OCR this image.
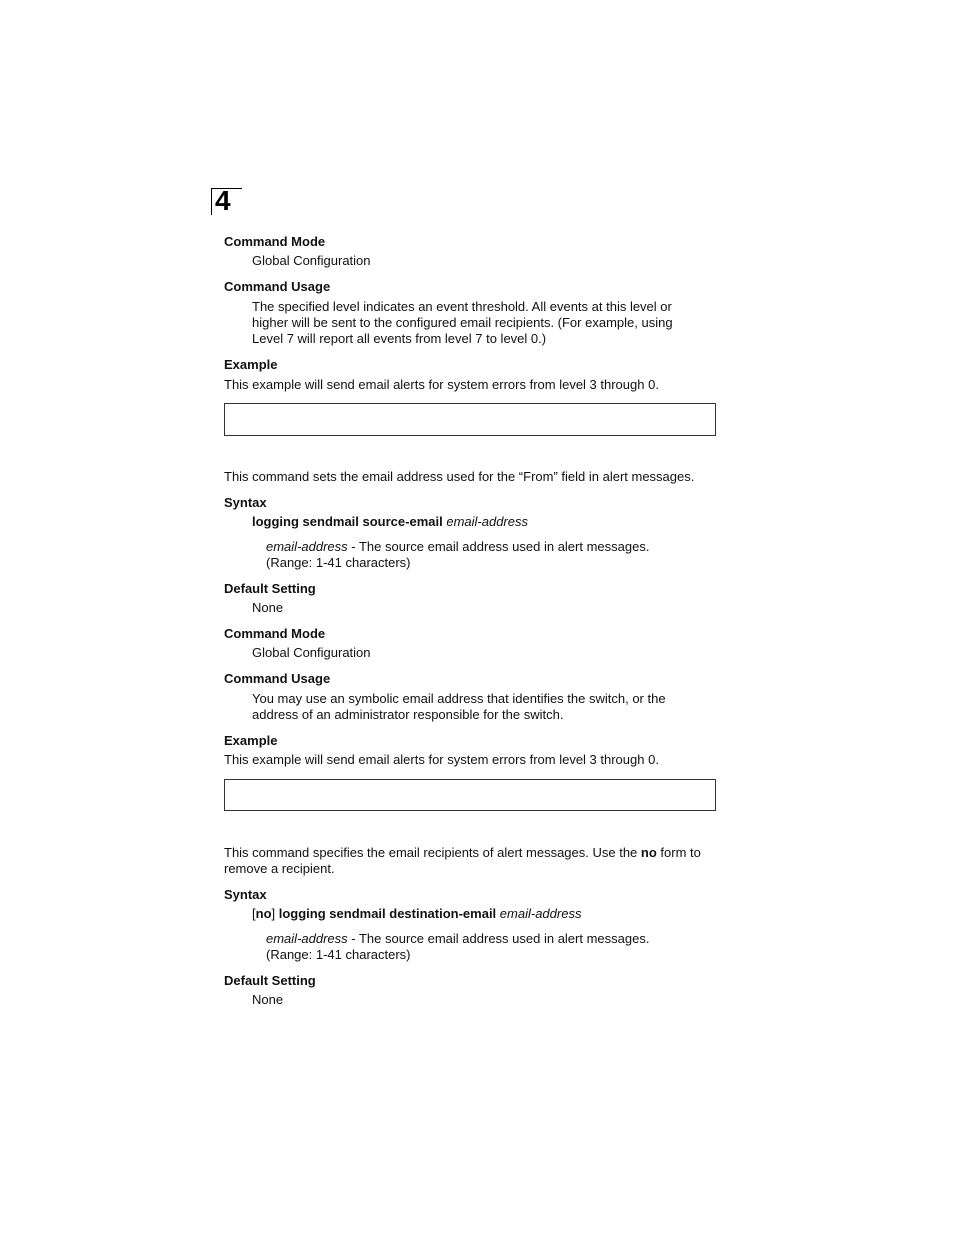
4
Command Mode
Global Configuration
Command Usage
The specified level indicates an event threshold. All events at this level or
higher will be sent to the configured email recipients. (For example, using
Level 7 will report all events from level 7 to level 0.)
Example
This example will send email alerts for system errors from level 3 through 0.
This command sets the email address used for the “From” field in alert messages.
Syntax
logging sendmail source-email email-address
email-address - The source email address used in alert messages.
(Range: 1-41 characters)
Default Setting
None
Command Mode
Global Configuration
Command Usage
You may use an symbolic email address that identifies the switch, or the
address of an administrator responsible for the switch.
Example
This example will send email alerts for system errors from level 3 through 0.
This command specifies the email recipients of alert messages. Use the no form to
remove a recipient.
Syntax
[no] logging sendmail destination-email email-address
email-address - The source email address used in alert messages.
(Range: 1-41 characters)
Default Setting
None
